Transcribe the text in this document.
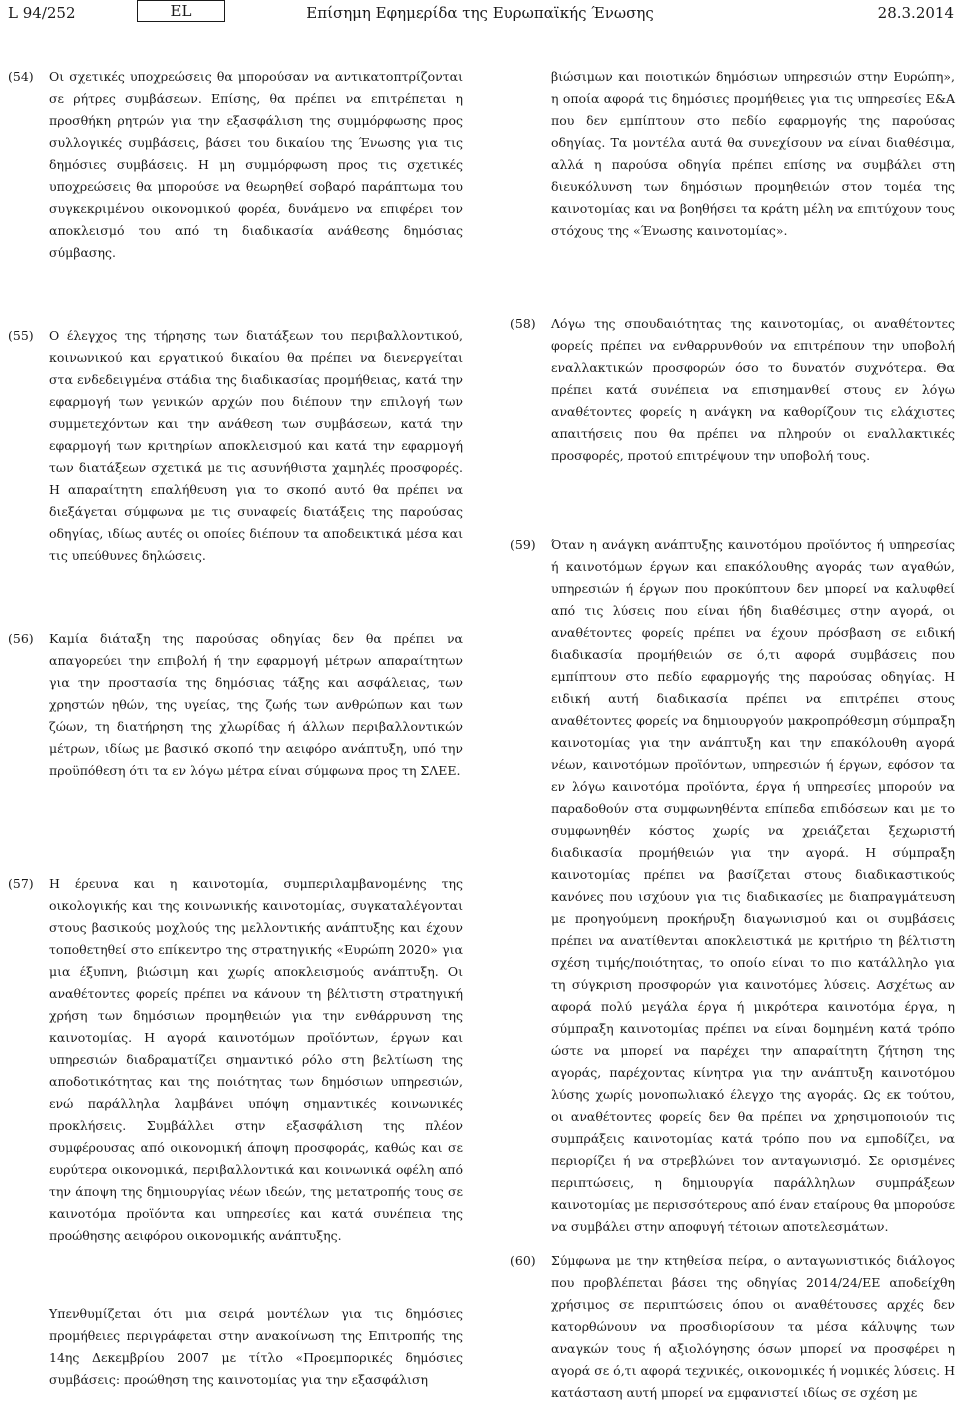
L 94/252	EL	Επίσημη Εφημερίδα της Ευρωπαϊκής Ένωσης	28.3.2014
(54) Οι σχετικές υποχρεώσεις θα μπορούσαν να αντικατοπτρίζονται σε ρήτρες συμβάσεων. Επίσης, θα πρέπει να επιτρέπεται η προσθήκη ρητρών για την εξασφάλιση της συμμόρφωσης προς συλλογικές συμβάσεις, βάσει του δικαίου της Ένωσης για τις δημόσιες συμβάσεις. Η μη συμμόρφωση προς τις σχετικές υποχρεώσεις θα μπορούσε να θεωρηθεί σοβαρό παράπτωμα του συγκεκριμένου οικονομικού φορέα, δυνάμενο να επιφέρει τον αποκλεισμό του από τη διαδικασία ανάθεσης δημόσιας σύμβασης.

(55) Ο έλεγχος της τήρησης των διατάξεων του περιβαλλοντικού, κοινωνικού και εργατικού δικαίου θα πρέπει να διενεργείται στα ενδεδειγμένα στάδια της διαδικασίας προμήθειας, κατά την εφαρμογή των γενικών αρχών που διέπουν την επιλογή των συμμετεχόντων και την ανάθεση των συμβάσεων, κατά την εφαρμογή των κριτηρίων αποκλεισμού και κατά την εφαρμογή των διατάξεων σχετικά με τις ασυνήθιστα χαμηλές προσφορές. Η απαραίτητη επαλήθευση για το σκοπό αυτό θα πρέπει να διεξάγεται σύμφωνα με τις συναφείς διατάξεις της παρούσας οδηγίας, ιδίως αυτές οι οποίες διέπουν τα αποδεικτικά μέσα και τις υπεύθυνες δηλώσεις.

(56) Καμία διάταξη της παρούσας οδηγίας δεν θα πρέπει να απαγορεύει την επιβολή ή την εφαρμογή μέτρων απαραίτητων για την προστασία της δημόσιας τάξης και ασφάλειας, των χρηστών ηθών, της υγείας, της ζωής των ανθρώπων και των ζώων, τη διατήρηση της χλωρίδας ή άλλων περιβαλλοντικών μέτρων, ιδίως με βασικό σκοπό την αειφόρο ανάπτυξη, υπό την προϋπόθεση ότι τα εν λόγω μέτρα είναι σύμφωνα προς τη ΣΛΕΕ.

(57) Η έρευνα και η καινοτομία, συμπεριλαμβανομένης της οικολογικής και της κοινωνικής καινοτομίας, συγκαταλέγονται στους βασικούς μοχλούς της μελλοντικής ανάπτυξης και έχουν τοποθετηθεί στο επίκεντρο της στρατηγικής «Ευρώπη 2020» για μια έξυπνη, βιώσιμη και χωρίς αποκλεισμούς ανάπτυξη. Οι αναθέτοντες φορείς πρέπει να κάνουν τη βέλτιστη στρατηγική χρήση των δημόσιων προμηθειών για την ενθάρρυνση της καινοτομίας. Η αγορά καινοτόμων προϊόντων, έργων και υπηρεσιών διαδραματίζει σημαντικό ρόλο στη βελτίωση της αποδοτικότητας και της ποιότητας των δημόσιων υπηρεσιών, ενώ παράλληλα λαμβάνει υπόψη σημαντικές κοινωνικές προκλήσεις. Συμβάλλει στην εξασφάλιση της πλέον συμφέρουσας από οικονομική άποψη προσφοράς, καθώς και σε ευρύτερα οικονομικά, περιβαλλοντικά και κοινωνικά οφέλη από την άποψη της δημιουργίας νέων ιδεών, της μετατροπής τους σε καινοτόμα προϊόντα και υπηρεσίες και κατά συνέπεια της προώθησης αειφόρου οικονομικής ανάπτυξης.

Υπενθυμίζεται ότι μια σειρά μοντέλων για τις δημόσιες προμήθειες περιγράφεται στην ανακοίνωση της Επιτροπής της 14ης Δεκεμβρίου 2007 με τίτλο «Προεμπορικές δημόσιες συμβάσεις: προώθηση της καινοτομίας για την εξασφάλιση

βιώσιμων και ποιοτικών δημόσιων υπηρεσιών στην Ευρώπη», η οποία αφορά τις δημόσιες προμήθειες για τις υπηρεσίες Ε&Α που δεν εμπίπτουν στο πεδίο εφαρμογής της παρούσας οδηγίας. Τα μοντέλα αυτά θα συνεχίσουν να είναι διαθέσιμα, αλλά η παρούσα οδηγία πρέπει επίσης να συμβάλει στη διευκόλυνση των δημόσιων προμηθειών στον τομέα της καινοτομίας και να βοηθήσει τα κράτη μέλη να επιτύχουν τους στόχους της «Ένωσης καινοτομίας».

(58) Λόγω της σπουδαιότητας της καινοτομίας, οι αναθέτοντες φορείς πρέπει να ενθαρρυνθούν να επιτρέπουν την υποβολή εναλλακτικών προσφορών όσο το δυνατόν συχνότερα. Θα πρέπει κατά συνέπεια να επισημανθεί στους εν λόγω αναθέτοντες φορείς η ανάγκη να καθορίζουν τις ελάχιστες απαιτήσεις που θα πρέπει να πληρούν οι εναλλακτικές προσφορές, προτού επιτρέψουν την υποβολή τους.

(59) Όταν η ανάγκη ανάπτυξης καινοτόμου προϊόντος ή υπηρεσίας ή καινοτόμων έργων και επακόλουθης αγοράς των αγαθών, υπηρεσιών ή έργων που προκύπτουν δεν μπορεί να καλυφθεί από τις λύσεις που είναι ήδη διαθέσιμες στην αγορά, οι αναθέτοντες φορείς πρέπει να έχουν πρόσβαση σε ειδική διαδικασία προμήθειών σε ό,τι αφορά συμβάσεις που εμπίπτουν στο πεδίο εφαρμογής της παρούσας οδηγίας. Η ειδική αυτή διαδικασία πρέπει να επιτρέπει στους αναθέτοντες φορείς να δημιουργούν μακροπρόθεσμη σύμπραξη καινοτομίας για την ανάπτυξη και την επακόλουθη αγορά νέων, καινοτόμων προϊόντων, υπηρεσιών ή έργων, εφόσον τα εν λόγω καινοτόμα προϊόντα, έργα ή υπηρεσίες μπορούν να παραδοθούν στα συμφωνηθέντα επίπεδα επιδόσεων και με το συμφωνηθέν κόστος χωρίς να χρειάζεται ξεχωριστή διαδικασία προμήθειών για την αγορά. Η σύμπραξη καινοτομίας πρέπει να βασίζεται στους διαδικαστικούς κανόνες που ισχύουν για τις διαδικασίες με διαπραγμάτευση με προηγούμενη προκήρυξη διαγωνισμού και οι συμβάσεις πρέπει να ανατίθενται αποκλειστικά με κριτήριο τη βέλτιστη σχέση τιμής/ποιότητας, το οποίο είναι το πιο κατάλληλο για τη σύγκριση προσφορών για καινοτόμες λύσεις. Ασχέτως αν αφορά πολύ μεγάλα έργα ή μικρότερα καινοτόμα έργα, η σύμπραξη καινοτομίας πρέπει να είναι δομημένη κατά τρόπο ώστε να μπορεί να παρέχει την απαραίτητη ζήτηση της αγοράς, παρέχοντας κίνητρα για την ανάπτυξη καινοτόμου λύσης χωρίς μονοπωλιακό έλεγχο της αγοράς. Ως εκ τούτου, οι αναθέτοντες φορείς δεν θα πρέπει να χρησιμοποιούν τις συμπράξεις καινοτομίας κατά τρόπο που να εμποδίζει, να περιορίζει ή να στρεβλώνει τον ανταγωνισμό. Σε ορισμένες περιπτώσεις, η δημιουργία παράλληλων συμπράξεων καινοτομίας με περισσότερους από έναν εταίρους θα μπορούσε να συμβάλει στην αποφυγή τέτοιων αποτελεσμάτων.

(60) Σύμφωνα με την κτηθείσα πείρα, ο ανταγωνιστικός διάλογος που προβλέπεται βάσει της οδηγίας 2014/24/ΕΕ αποδείχθη χρήσιμος σε περιπτώσεις όπου οι αναθέτουσες αρχές δεν κατορθώνουν να προσδιορίσουν τα μέσα κάλυψης των αναγκών τους ή αξιολόγησης όσων μπορεί να προσφέρει η αγορά σε ό,τι αφορά τεχνικές, οικονομικές ή νομικές λύσεις. Η κατάσταση αυτή μπορεί να εμφανιστεί ιδίως σε σχέση με
